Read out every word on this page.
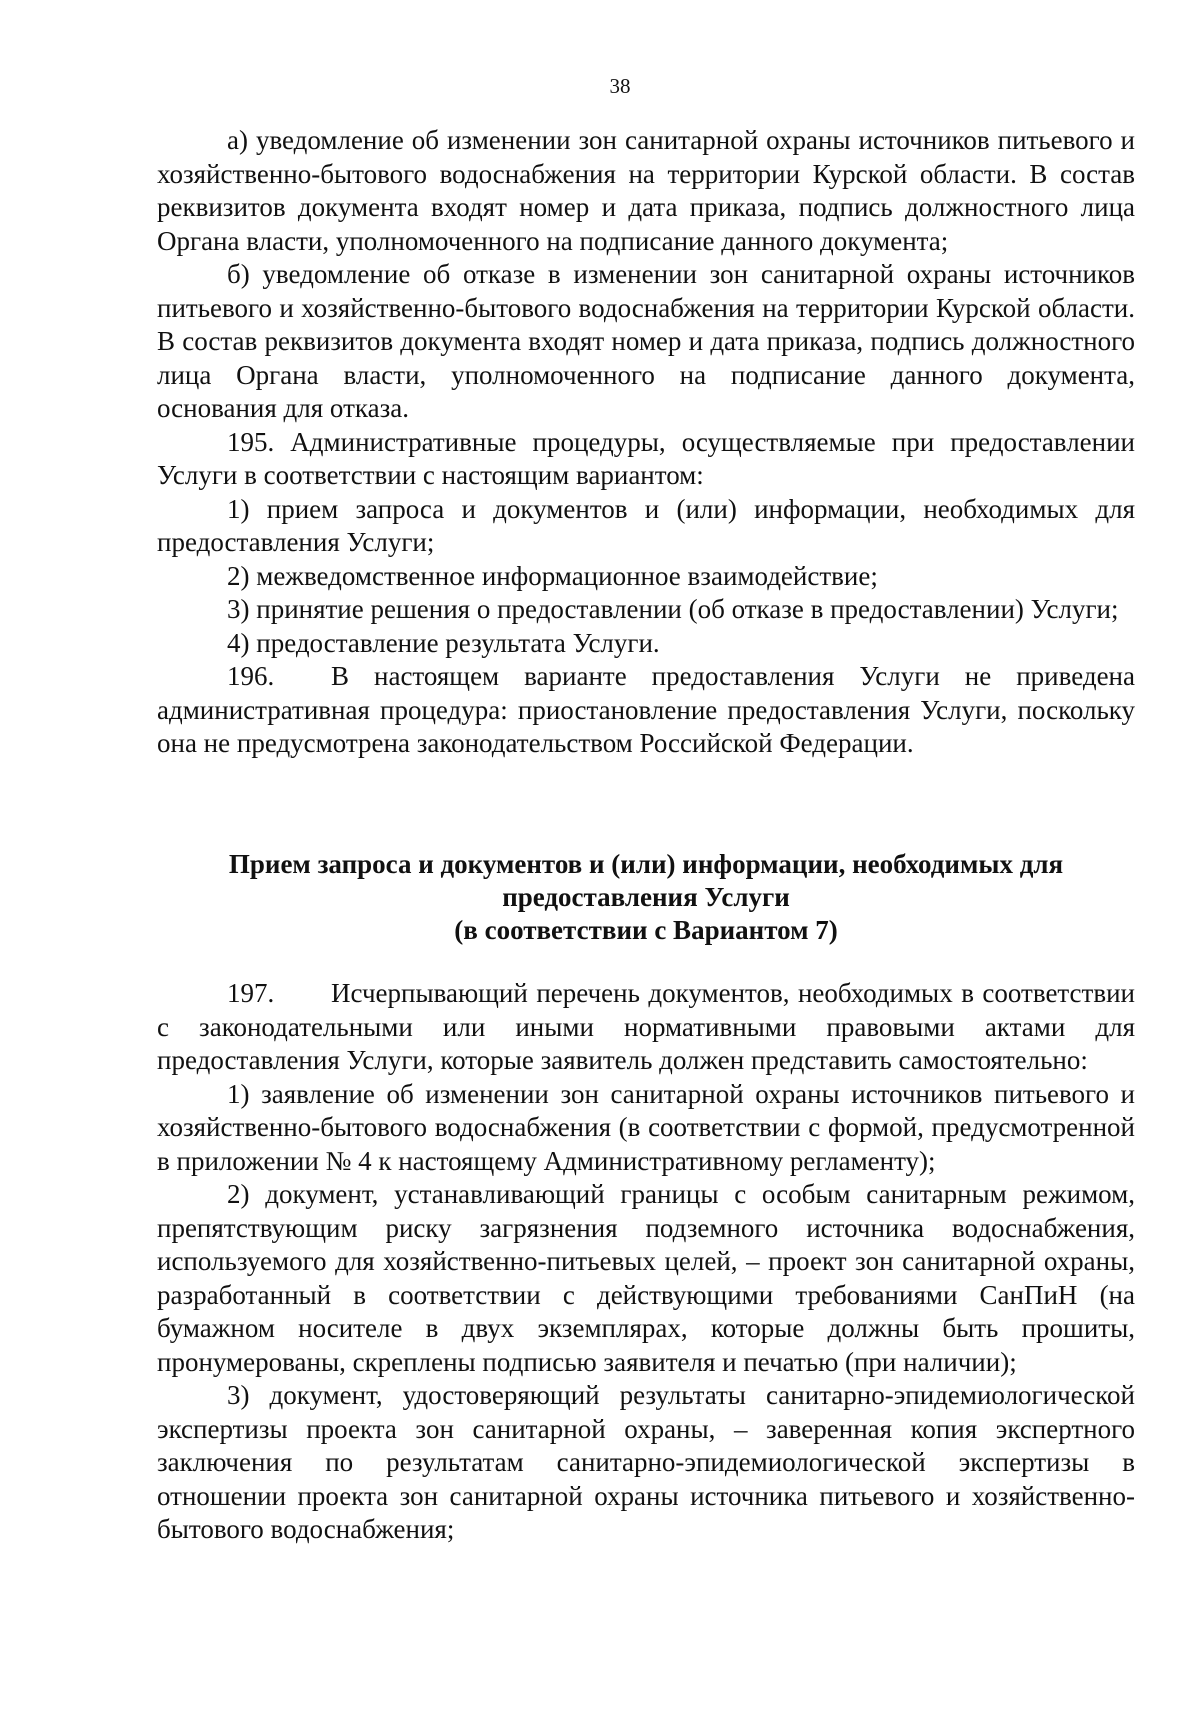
38

а) уведомление об изменении зон санитарной охраны источников питьевого и хозяйственно-бытового водоснабжения на территории Курской области. В состав реквизитов документа входят номер и дата приказа, подпись должностного лица Органа власти, уполномоченного на подписание данного документа;

б) уведомление об отказе в изменении зон санитарной охраны источников питьевого и хозяйственно-бытового водоснабжения на территории Курской области. В состав реквизитов документа входят номер и дата приказа, подпись должностного лица Органа власти, уполномоченного на подписание данного документа, основания для отказа.

195. Административные процедуры, осуществляемые при предоставлении Услуги в соответствии с настоящим вариантом:

1) прием запроса и документов и (или) информации, необходимых для предоставления Услуги;

2) межведомственное информационное взаимодействие;

3) принятие решения о предоставлении (об отказе в предоставлении) Услуги;

4) предоставление результата Услуги.

196. В настоящем варианте предоставления Услуги не приведена административная процедура: приостановление предоставления Услуги, поскольку она не предусмотрена законодательством Российской Федерации.

Прием запроса и документов и (или) информации, необходимых для
предоставления Услуги
(в соответствии с Вариантом 7)

197. Исчерпывающий перечень документов, необходимых в соответствии с законодательными или иными нормативными правовыми актами для предоставления Услуги, которые заявитель должен представить самостоятельно:

1) заявление об изменении зон санитарной охраны источников питьевого и хозяйственно-бытового водоснабжения (в соответствии с формой, предусмотренной в приложении № 4 к настоящему Административному регламенту);

2) документ, устанавливающий границы с особым санитарным режимом, препятствующим риску загрязнения подземного источника водоснабжения, используемого для хозяйственно-питьевых целей, – проект зон санитарной охраны, разработанный в соответствии с действующими требованиями СанПиН (на бумажном носителе в двух экземплярах, которые должны быть прошиты, пронумерованы, скреплены подписью заявителя и печатью (при наличии);

3) документ, удостоверяющий результаты санитарно-эпидемиологической экспертизы проекта зон санитарной охраны, – заверенная копия экспертного заключения по результатам санитарно-эпидемиологической экспертизы в отношении проекта зон санитарной охраны источника питьевого и хозяйственно-бытового водоснабжения;
